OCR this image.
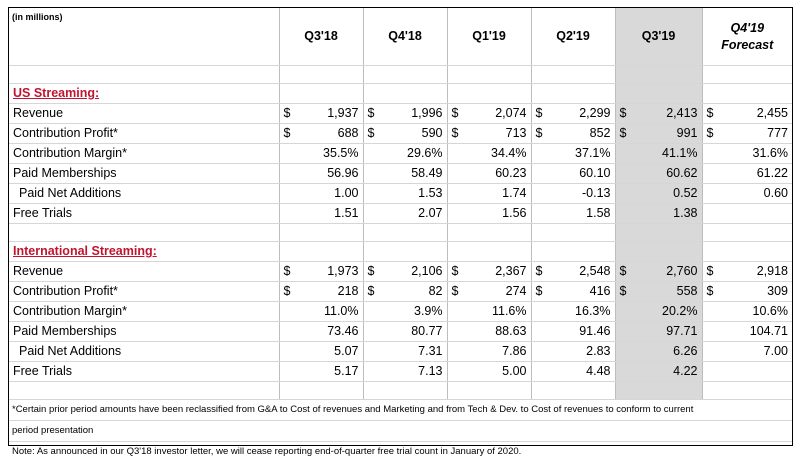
(in millions)	Q3'18	Q4'18	Q1'19	Q2'19	Q3'19	Q4'19
Forecast

US Streaming:						
Revenue	$ 1,937	$ 1,996	$ 2,074	$ 2,299	$ 2,413	$ 2,455

Contribution Profit*	$ 688	$ 590	$ 713	$ 852	$ 991	$ 777

Contribution Margin*	35.5%	29.6%	34.4%	37.1%	41.1%	31.6%

Paid Memberships	56.96	58.49	60.23	60.10	60.62	61.22

Paid Net Additions	1.00	1.53	1.74	-0.13	0.52	0.60

Free Trials	1.51	2.07	1.56	1.58	1.38	

International Streaming:						
Revenue	$ 1,973	$ 2,106	$ 2,367	$ 2,548	$ 2,760	$ 2,918

Contribution Profit*	$ 218	$ 82	$ 274	$ 416	$ 558	$ 309

Contribution Margin*	11.0%	3.9%	11.6%	16.3%	20.2%	10.6%

Paid Memberships	73.46	80.77	88.63	91.46	97.71	104.71

Paid Net Additions	5.07	7.31	7.86	2.83	6.26	7.00

Free Trials	5.17	7.13	5.00	4.48	4.22	

*Certain prior period amounts have been reclassified from G&A to Cost of revenues and Marketing and from Tech & Dev. to Cost of revenues to conform to current						
period presentation						
Note: As announced in our Q3'18 investor letter, we will cease reporting end-of-quarter free trial count in January of 2020.						
